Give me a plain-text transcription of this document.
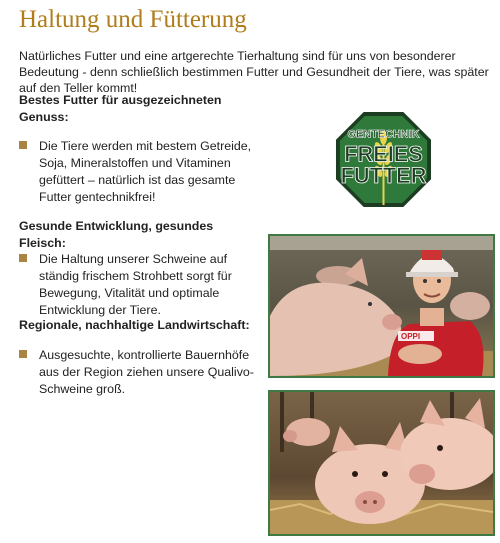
Haltung und Fütterung

Natürliches Futter und eine artgerechte Tierhaltung sind für uns von besonderer Bedeutung - denn schließlich bestimmen Futter und Gesundheit der Tiere, was später auf den Teller kommt!

Bestes Futter für ausgezeichneten Genuss:

Die Tiere werden mit bestem Getreide, Soja, Mineralstoffen und Vitaminen gefüttert – natürlich ist das gesamte Futter gentechnikfrei!

Gesunde Entwicklung, gesundes Fleisch:

Die Haltung unserer Schweine auf ständig frischem Strohbett sorgt für Bewegung, Vitalität und optimale Entwicklung der Tiere.

Regionale, nachhaltige Landwirtschaft:

Ausgesuchte, kontrollierte Bauernhöfe aus der Region ziehen unsere Qualivo-Schweine groß.
GENTECHNIK
FREIES
FUTTER
OPPI
